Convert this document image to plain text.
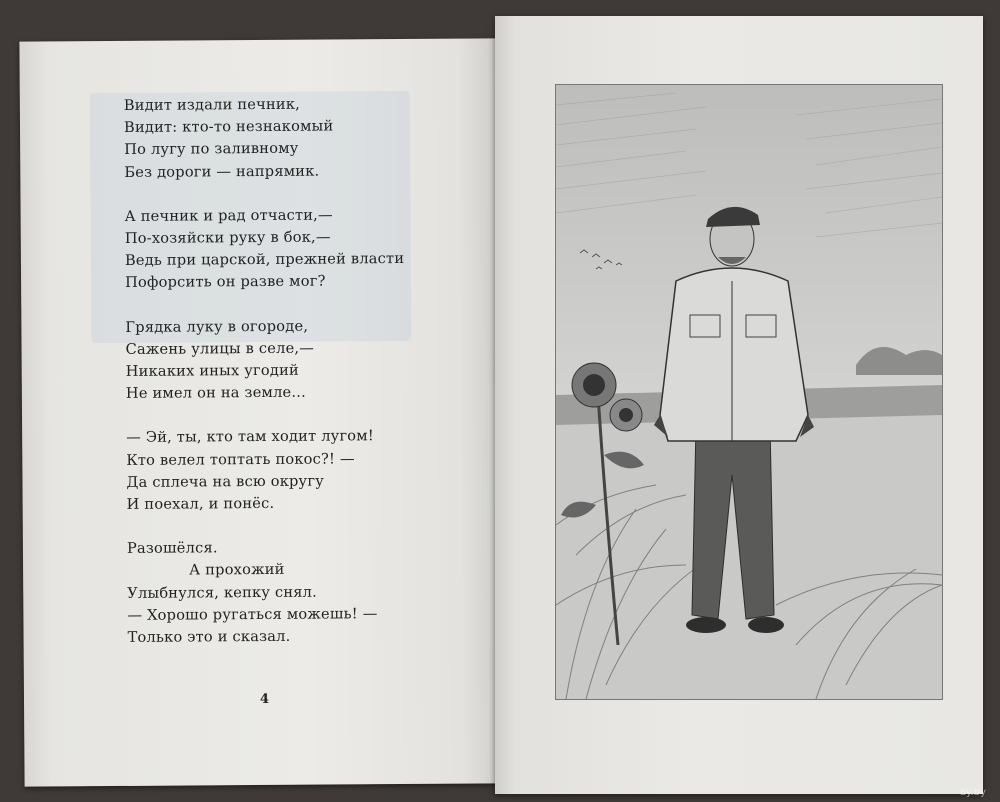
Видит издали печник,
Видит: кто-то незнакомый
По лугу по заливному
Без дороги — напрямик.
А печник и рад отчасти,—
По-хозяйски руку в бок,—
Ведь при царской, прежней власти
Пофорсить он разве мог?
Грядка луку в огороде,
Сажень улицы в селе,—
Никаких иных угодий
Не имел он на земле...
— Эй, ты, кто там ходит лугом!
Кто велел топтать покос?! —
Да сплеча на всю округу
И поехал, и понёс.
Разошёлся.
А прохожий
Улыбнулся, кепку снял.
— Хорошо ругаться можешь! —
Только это и сказал.
4
ay.by
